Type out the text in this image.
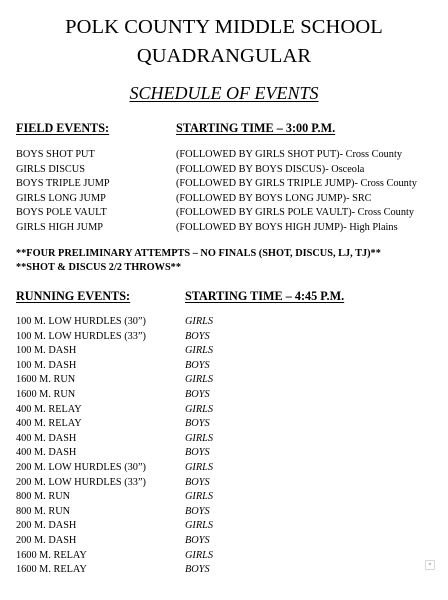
POLK COUNTY MIDDLE SCHOOL
QUADRANGULAR
SCHEDULE OF EVENTS
FIELD EVENTS:	STARTING TIME – 3:00 P.M.
BOYS SHOT PUT	(FOLLOWED BY GIRLS SHOT PUT)- Cross County
GIRLS DISCUS	(FOLLOWED BY BOYS DISCUS)- Osceola
BOYS TRIPLE JUMP	(FOLLOWED BY GIRLS TRIPLE JUMP)- Cross County
GIRLS LONG JUMP	(FOLLOWED BY BOYS LONG JUMP)- SRC
BOYS POLE VAULT	(FOLLOWED BY GIRLS POLE VAULT)- Cross County
GIRLS HIGH JUMP	(FOLLOWED BY BOYS HIGH JUMP)- High Plains
**FOUR PRELIMINARY ATTEMPTS – NO FINALS (SHOT, DISCUS, LJ, TJ)**
**SHOT & DISCUS 2/2 THROWS**
RUNNING EVENTS:	STARTING TIME – 4:45 P.M.
100 M. LOW HURDLES (30”)	GIRLS
100 M. LOW HURDLES (33”)	BOYS
100 M. DASH	GIRLS
100 M. DASH	BOYS
1600 M. RUN	GIRLS
1600 M. RUN	BOYS
400 M. RELAY	GIRLS
400 M. RELAY	BOYS
400 M. DASH	GIRLS
400 M. DASH	BOYS
200 M. LOW HURDLES (30”)	GIRLS
200 M. LOW HURDLES (33”)	BOYS
800 M. RUN	GIRLS
800 M. RUN	BOYS
200 M. DASH	GIRLS
200 M. DASH	BOYS
1600 M. RELAY	GIRLS
1600 M. RELAY	BOYS	▾
